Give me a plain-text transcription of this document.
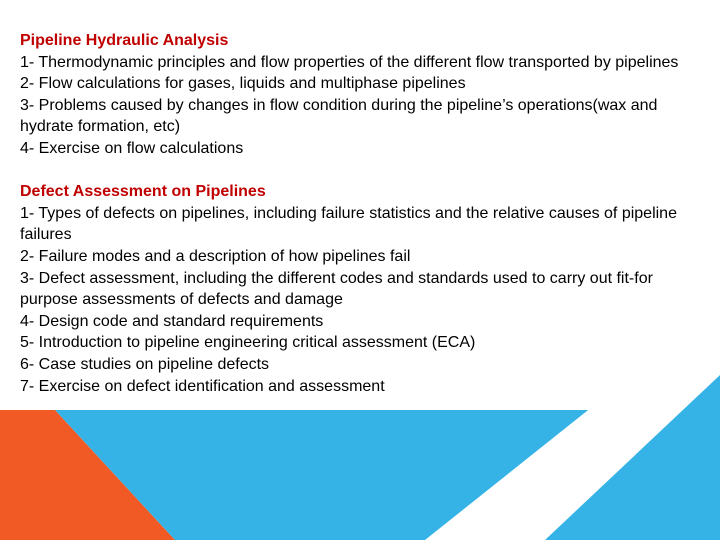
Pipeline Hydraulic Analysis

1- Thermodynamic principles and flow properties of the different flow transported by pipelines

2- Flow calculations for gases, liquids and multiphase pipelines

3- Problems caused by changes in flow condition during the pipeline’s operations(wax and hydrate formation, etc)

4- Exercise on flow calculations

Defect Assessment on Pipelines

1- Types of defects on pipelines, including failure statistics and the relative causes of pipeline failures

2- Failure modes and a description of how pipelines fail

3- Defect assessment, including the different codes and standards used to carry out fit-for purpose assessments of defects and damage

4- Design code and standard requirements

5- Introduction to pipeline engineering critical assessment (ECA)

6- Case studies on pipeline defects

7- Exercise on defect identification and assessment
